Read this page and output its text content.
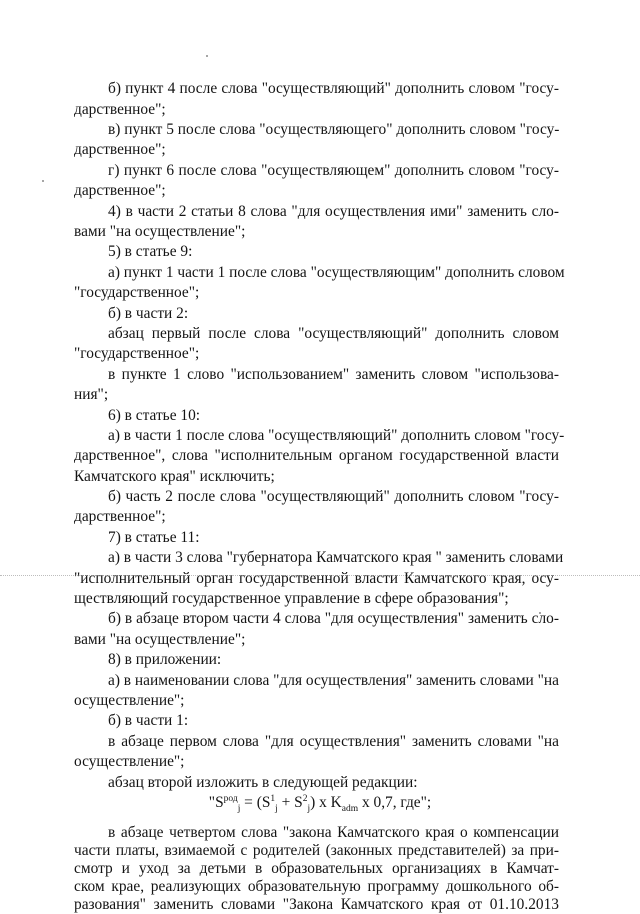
б) пункт 4 после слова "осуществляющий" дополнить словом "госу-
дарственное";
в) пункт 5 после слова "осуществляющего" дополнить словом "госу-
дарственное";
г) пункт 6 после слова "осуществляющем" дополнить словом "госу-
дарственное";
4) в части 2 статьи 8 слова "для осуществления ими" заменить сло-
вами "на осуществление";
5) в статье 9:
а) пункт 1 части 1 после слова "осуществляющим" дополнить словом
"государственное";
б) в части 2:
абзац первый после слова "осуществляющий" дополнить словом
"государственное";
в пункте 1 слово "использованием" заменить словом "использова-
ния";
6) в статье 10:
а) в части 1 после слова "осуществляющий" дополнить словом "госу-
дарственное", слова "исполнительным органом государственной власти
Камчатского края" исключить;
б) часть 2 после слова "осуществляющий" дополнить словом "госу-
дарственное";
7) в статье 11:
а) в части 3 слова "губернатора Камчатского края " заменить словами
"исполнительный орган государственной власти Камчатского края, осу-
ществляющий государственное управление в сфере образования";
б) в абзаце втором части 4 слова "для осуществления" заменить сло-
вами "на осуществление";
8) в приложении:
а) в наименовании слова "для осуществления" заменить словами "на
осуществление";
б) в части 1:
в абзаце первом слова "для осуществления" заменить словами "на
осуществление";
абзац второй изложить в следующей редакции:
"$S^{род}_j = (S^1_j + S^2_j)$ x $K_{adm}$ x 0,7, где";
в абзаце четвертом слова "закона Камчатского края о компенсации
части платы, взимаемой с родителей (законных представителей) за при-
смотр и уход за детьми в образовательных организациях в Камчат-
ском крае, реализующих образовательную программу дошкольного об-
разования" заменить словами "Закона Камчатского края от 01.10.2013
